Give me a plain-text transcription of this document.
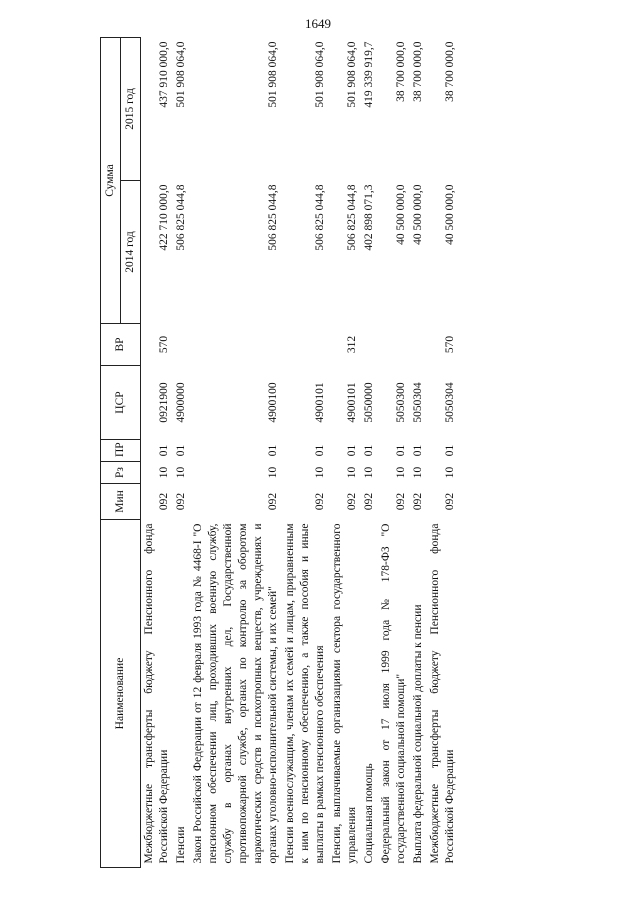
1649
Наименование	Мин	Рз	ПР	ЦСР	ВР	Сумма	
						2014 год	2015 год
Межбюджетные трансферты бюджету Пенсионного фонда Российской Федерации	092	10	01	0921900	570	422 710 000,0	437 910 000,0
Пенсии	092	10	01	4900000		506 825 044,8	501 908 064,0
Закон Российской Федерации от 12 февраля 1993 года № 4468-I "О пенсионном обеспечении лиц, проходивших военную службу, службу в органах внутренних дел, Государственной противопожарной службе, органах по контролю за оборотом наркотических средств и психотропных веществ, учреждениях и органах уголовно-исполнительной системы, и их семей"	092	10	01	4900100		506 825 044,8	501 908 064,0
Пенсии военнослужащим, членам их семей и лицам, приравненным к ним по пенсионному обеспечению, а также пособия и иные выплаты в рамках пенсионного обеспечения	092	10	01	4900101		506 825 044,8	501 908 064,0
Пенсии, выплачиваемые организациями сектора государственного управления	092	10	01	4900101	312	506 825 044,8	501 908 064,0
Социальная помощь	092	10	01	5050000		402 898 071,3	419 339 919,7
Федеральный закон от 17 июля 1999 года № 178-ФЗ "О государственной социальной помощи"	092	10	01	5050300		40 500 000,0	38 700 000,0
Выплата федеральной социальной доплаты к пенсии	092	10	01	5050304		40 500 000,0	38 700 000,0
Межбюджетные трансферты бюджету Пенсионного фонда Российской Федерации	092	10	01	5050304	570	40 500 000,0	38 700 000,0
